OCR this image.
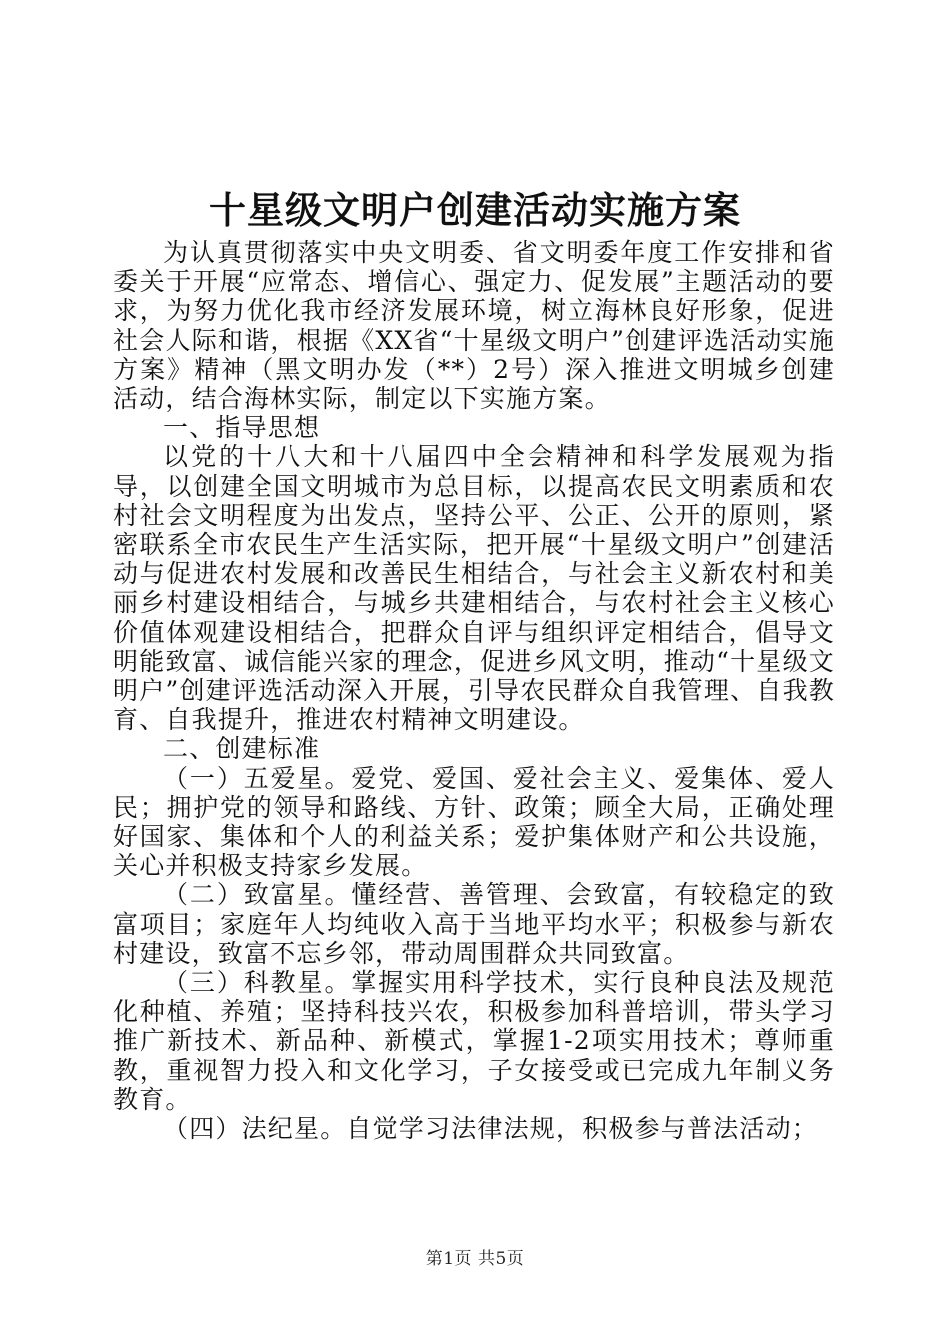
十星级文明户创建活动实施方案

为认真贯彻落实中央文明委、省文明委年度工作安排和省委关于开展“应常态、增信心、强定力、促发展”主题活动的要求，为努力优化我市经济发展环境，树立海林良好形象，促进社会人际和谐，根据《XX省“十星级文明户”创建评选活动实施方案》精神（黑文明办发（**）2号）深入推进文明城乡创建活动，结合海林实际，制定以下实施方案。

一、指导思想

以党的十八大和十八届四中全会精神和科学发展观为指导，以创建全国文明城市为总目标，以提高农民文明素质和农村社会文明程度为出发点，坚持公平、公正、公开的原则，紧密联系全市农民生产生活实际，把开展“十星级文明户”创建活动与促进农村发展和改善民生相结合，与社会主义新农村和美丽乡村建设相结合，与城乡共建相结合，与农村社会主义核心价值体观建设相结合，把群众自评与组织评定相结合，倡导文明能致富、诚信能兴家的理念，促进乡风文明，推动“十星级文明户”创建评选活动深入开展，引导农民群众自我管理、自我教育、自我提升，推进农村精神文明建设。

二、创建标准

（一）五爱星。爱党、爱国、爱社会主义、爱集体、爱人民；拥护党的领导和路线、方针、政策；顾全大局，正确处理好国家、集体和个人的利益关系；爱护集体财产和公共设施，关心并积极支持家乡发展。

（二）致富星。懂经营、善管理、会致富，有较稳定的致富项目；家庭年人均纯收入高于当地平均水平；积极参与新农村建设，致富不忘乡邻，带动周围群众共同致富。

（三）科教星。掌握实用科学技术，实行良种良法及规范化种植、养殖；坚持科技兴农，积极参加科普培训，带头学习推广新技术、新品种、新模式，掌握1-2项实用技术；尊师重教，重视智力投入和文化学习，子女接受或已完成九年制义务教育。

（四）法纪星。自觉学习法律法规，积极参与普法活动；

第1页 共5页
